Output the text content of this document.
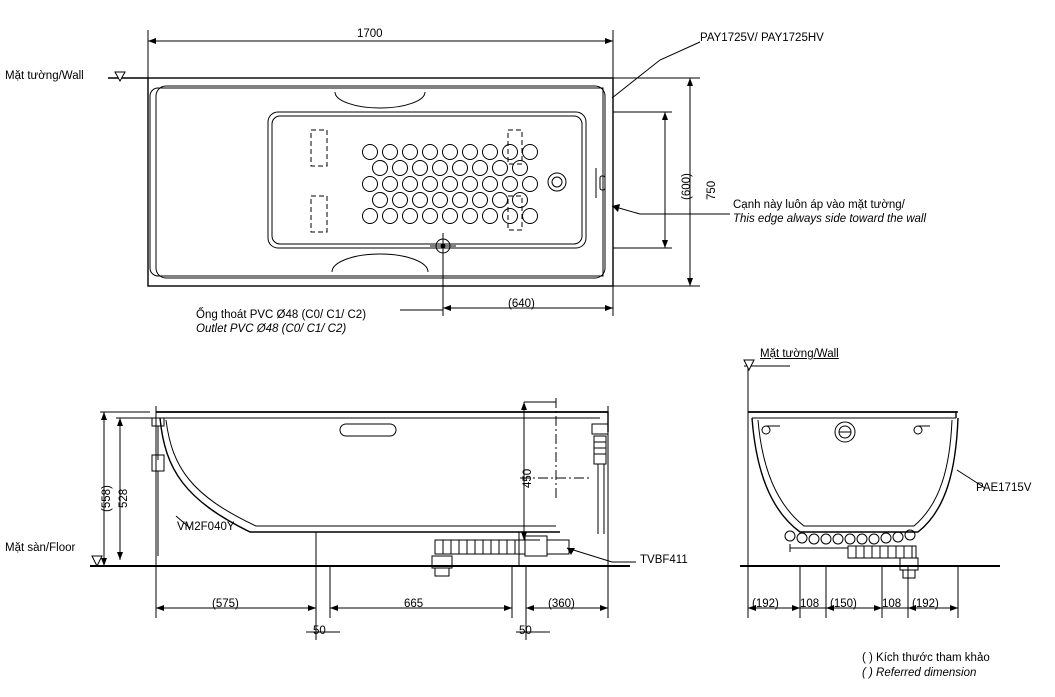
1700
750
(600)
(640)
Mặt tường/Wall
PAY1725V/ PAY1725HV
Cạnh này luôn áp vào mặt tường/
This edge always side toward the wall
Ống thoát PVC Ø48 (C0/ C1/ C2)
Outlet PVC Ø48 (C0/ C1/ C2)
(558) 528
450
Mặt sàn/Floor
(575)	665	(360)
50	50
VM2F040Y
TVBF411
PAE1715V
Mặt tường/Wall
(192) 108 (150) 108 (192)
( ) Kích thước tham khảo
( ) Referred dimension
